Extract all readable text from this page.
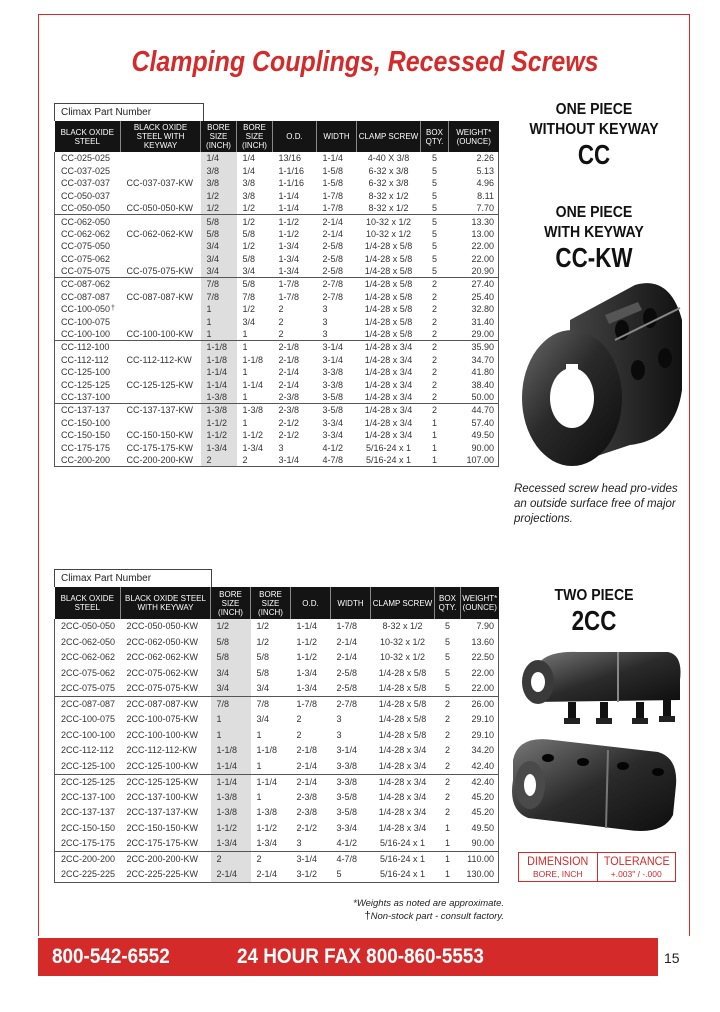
Clamping Couplings, Recessed Screws
Climax Part Number
BLACK OXIDE STEEL	BLACK OXIDE STEEL WITH KEYWAY	BORE SIZE (INCH)	BORE SIZE (INCH)	O.D.	WIDTH	CLAMP SCREW	BOX QTY.	WEIGHT* (OUNCE)
CC-025-025		1/4	1/4	13/16	1-1/4	4-40 X 3/8	5	2.26
CC-037-025		3/8	1/4	1-1/16	1-5/8	6-32 x 3/8	5	5.13
CC-037-037	CC-037-037-KW	3/8	3/8	1-1/16	1-5/8	6-32 x 3/8	5	4.96
CC-050-037		1/2	3/8	1-1/4	1-7/8	8-32 x 1/2	5	8.11
CC-050-050	CC-050-050-KW	1/2	1/2	1-1/4	1-7/8	8-32 x 1/2	5	7.70
CC-062-050		5/8	1/2	1-1/2	2-1/4	10-32 x 1/2	5	13.30
CC-062-062	CC-062-062-KW	5/8	5/8	1-1/2	2-1/4	10-32 x 1/2	5	13.00
CC-075-050		3/4	1/2	1-3/4	2-5/8	1/4-28 x 5/8	5	22.00
CC-075-062		3/4	5/8	1-3/4	2-5/8	1/4-28 x 5/8	5	22.00
CC-075-075	CC-075-075-KW	3/4	3/4	1-3/4	2-5/8	1/4-28 x 5/8	5	20.90
CC-087-062		7/8	5/8	1-7/8	2-7/8	1/4-28 x 5/8	2	27.40
CC-087-087	CC-087-087-KW	7/8	7/8	1-7/8	2-7/8	1/4-28 x 5/8	2	25.40
CC-100-050†		1	1/2	2	3	1/4-28 x 5/8	2	32.80
CC-100-075		1	3/4	2	3	1/4-28 x 5/8	2	31.40
CC-100-100	CC-100-100-KW	1	1	2	3	1/4-28 x 5/8	2	29.00
CC-112-100		1-1/8	1	2-1/8	3-1/4	1/4-28 x 3/4	2	35.90
CC-112-112	CC-112-112-KW	1-1/8	1-1/8	2-1/8	3-1/4	1/4-28 x 3/4	2	34.70
CC-125-100		1-1/4	1	2-1/4	3-3/8	1/4-28 x 3/4	2	41.80
CC-125-125	CC-125-125-KW	1-1/4	1-1/4	2-1/4	3-3/8	1/4-28 x 3/4	2	38.40
CC-137-100		1-3/8	1	2-3/8	3-5/8	1/4-28 x 3/4	2	50.00
CC-137-137	CC-137-137-KW	1-3/8	1-3/8	2-3/8	3-5/8	1/4-28 x 3/4	2	44.70
CC-150-100		1-1/2	1	2-1/2	3-3/4	1/4-28 x 3/4	1	57.40
CC-150-150	CC-150-150-KW	1-1/2	1-1/2	2-1/2	3-3/4	1/4-28 x 3/4	1	49.50
CC-175-175	CC-175-175-KW	1-3/4	1-3/4	3	4-1/2	5/16-24 x 1	1	90.00
CC-200-200	CC-200-200-KW	2	2	3-1/4	4-7/8	5/16-24 x 1	1	107.00
Climax Part Number
BLACK OXIDE STEEL	BLACK OXIDE STEEL WITH KEYWAY	BORE SIZE (INCH)	BORE SIZE (INCH)	O.D.	WIDTH	CLAMP SCREW	BOX QTY.	WEIGHT* (OUNCE)
2CC-050-050	2CC-050-050-KW	1/2	1/2	1-1/4	1-7/8	8-32 x 1/2	5	7.90
2CC-062-050	2CC-062-050-KW	5/8	1/2	1-1/2	2-1/4	10-32 x 1/2	5	13.60
2CC-062-062	2CC-062-062-KW	5/8	5/8	1-1/2	2-1/4	10-32 x 1/2	5	22.50
2CC-075-062	2CC-075-062-KW	3/4	5/8	1-3/4	2-5/8	1/4-28 x 5/8	5	22.00
2CC-075-075	2CC-075-075-KW	3/4	3/4	1-3/4	2-5/8	1/4-28 x 5/8	5	22.00
2CC-087-087	2CC-087-087-KW	7/8	7/8	1-7/8	2-7/8	1/4-28 x 5/8	2	26.00
2CC-100-075	2CC-100-075-KW	1	3/4	2	3	1/4-28 x 5/8	2	29.10
2CC-100-100	2CC-100-100-KW	1	1	2	3	1/4-28 x 5/8	2	29.10
2CC-112-112	2CC-112-112-KW	1-1/8	1-1/8	2-1/8	3-1/4	1/4-28 x 3/4	2	34.20
2CC-125-100	2CC-125-100-KW	1-1/4	1	2-1/4	3-3/8	1/4-28 x 3/4	2	42.40
2CC-125-125	2CC-125-125-KW	1-1/4	1-1/4	2-1/4	3-3/8	1/4-28 x 3/4	2	42.40
2CC-137-100	2CC-137-100-KW	1-3/8	1	2-3/8	3-5/8	1/4-28 x 3/4	2	45.20
2CC-137-137	2CC-137-137-KW	1-3/8	1-3/8	2-3/8	3-5/8	1/4-28 x 3/4	2	45.20
2CC-150-150	2CC-150-150-KW	1-1/2	1-1/2	2-1/2	3-3/4	1/4-28 x 3/4	1	49.50
2CC-175-175	2CC-175-175-KW	1-3/4	1-3/4	3	4-1/2	5/16-24 x 1	1	90.00
2CC-200-200	2CC-200-200-KW	2	2	3-1/4	4-7/8	5/16-24 x 1	1	110.00
2CC-225-225	2CC-225-225-KW	2-1/4	2-1/4	3-1/2	5	5/16-24 x 1	1	130.00
ONE PIECE
WITHOUT KEYWAY
CC
ONE PIECE
WITH KEYWAY
CC-KW
TWO PIECE
2CC
Recessed screw head pro-vides an outside surface free of major projections.
DIMENSION
BORE, INCH
TOLERANCE
+.003" / -.000
*Weights as noted are approximate.
†Non-stock part - consult factory.
800-542-6552	24 HOUR FAX 800-860-5553	15
